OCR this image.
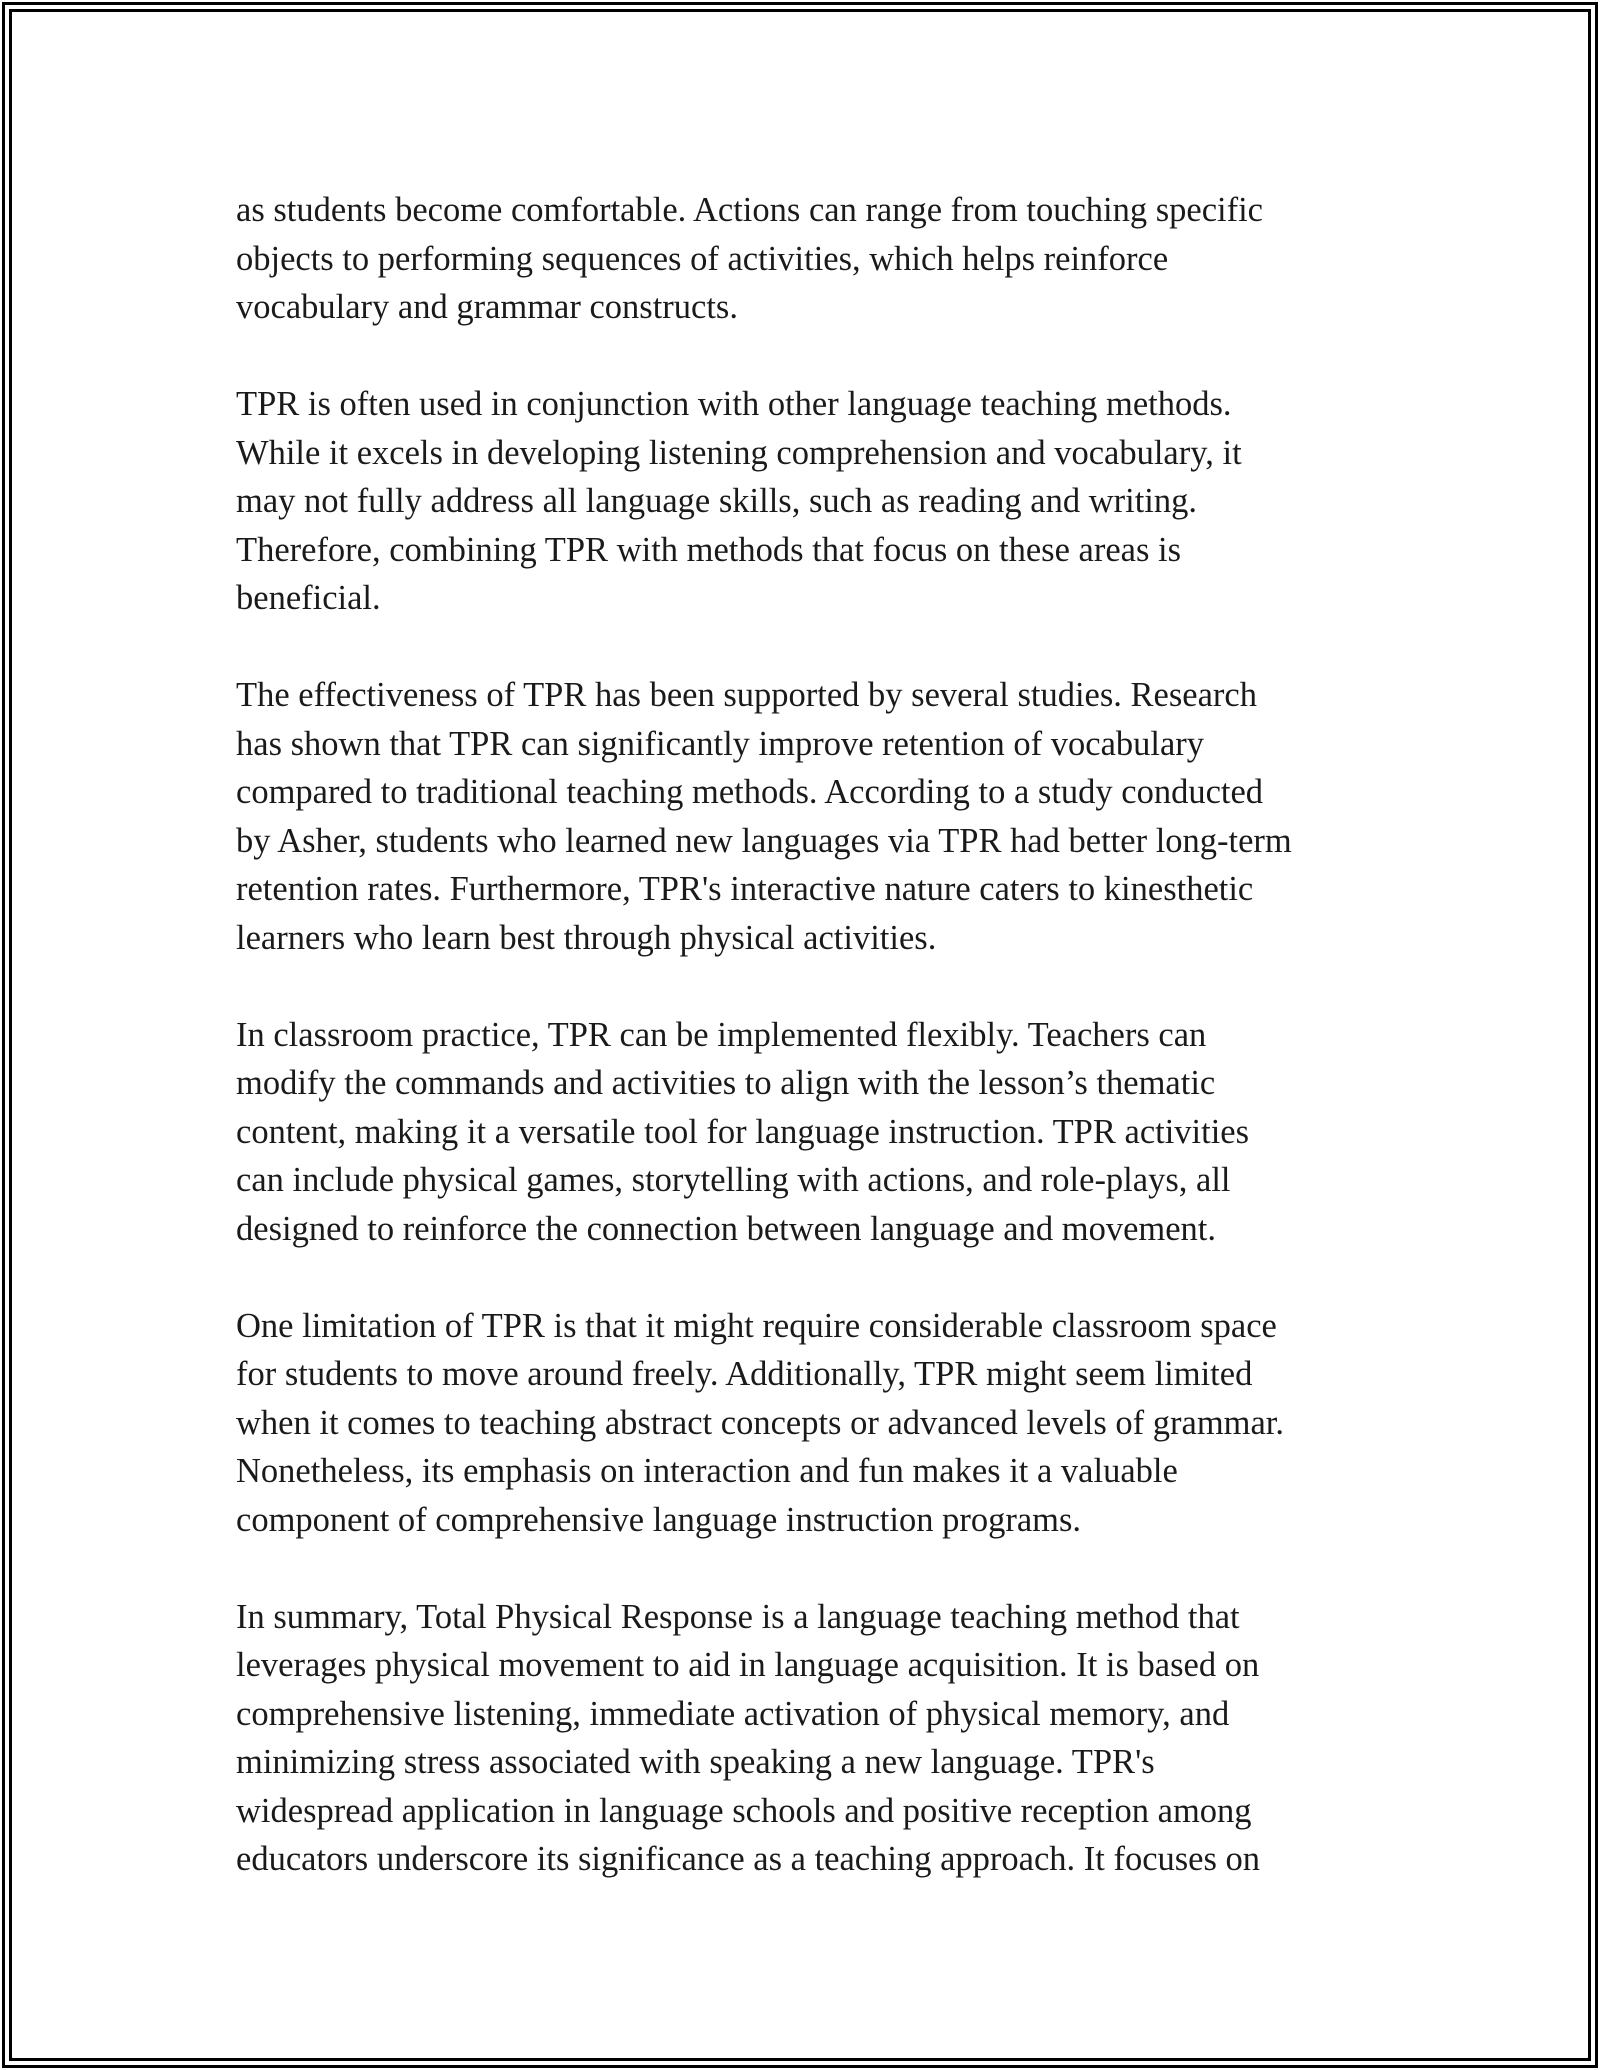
as students become comfortable. Actions can range from touching specific
objects to performing sequences of activities, which helps reinforce
vocabulary and grammar constructs.

TPR is often used in conjunction with other language teaching methods.
While it excels in developing listening comprehension and vocabulary, it
may not fully address all language skills, such as reading and writing.
Therefore, combining TPR with methods that focus on these areas is
beneficial.

The effectiveness of TPR has been supported by several studies. Research
has shown that TPR can significantly improve retention of vocabulary
compared to traditional teaching methods. According to a study conducted
by Asher, students who learned new languages via TPR had better long-term
retention rates. Furthermore, TPR's interactive nature caters to kinesthetic
learners who learn best through physical activities.

In classroom practice, TPR can be implemented flexibly. Teachers can
modify the commands and activities to align with the lesson’s thematic
content, making it a versatile tool for language instruction. TPR activities
can include physical games, storytelling with actions, and role-plays, all
designed to reinforce the connection between language and movement.

One limitation of TPR is that it might require considerable classroom space
for students to move around freely. Additionally, TPR might seem limited
when it comes to teaching abstract concepts or advanced levels of grammar.
Nonetheless, its emphasis on interaction and fun makes it a valuable
component of comprehensive language instruction programs.

In summary, Total Physical Response is a language teaching method that
leverages physical movement to aid in language acquisition. It is based on
comprehensive listening, immediate activation of physical memory, and
minimizing stress associated with speaking a new language. TPR's
widespread application in language schools and positive reception among
educators underscore its significance as a teaching approach. It focuses on
